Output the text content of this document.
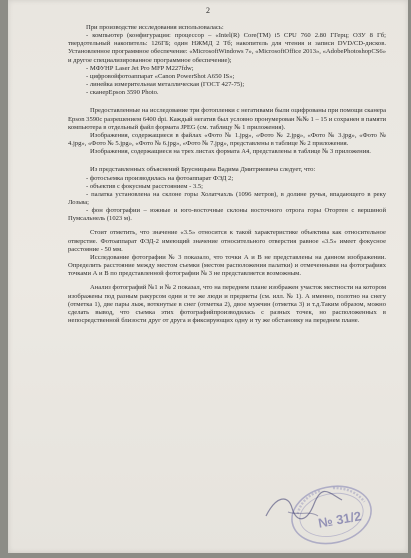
2

При производстве исследования использовалась:

- компьютер (конфигурация: процессор – «Intel(R) Core(TM) i5 CPU 760 2.80 ГГерц; ОЗУ 8 Гб; твердотельный накопитель: 126ГБ; один НЖМД 2 Тб; накопитель для чтения и записи DVD/CD-дисков. Установленное программное обеспечение: «MicrosoftWindows 7», «MicrosoftOffice 2013», «AdobePhotoshopCS6» и другое специализированное программное обеспечение);

- МФУНР Laser Jet Pro MFP M227fdw;

- цифровойфотоаппарат «Canon PowerShot A650 IS»;

- линейка измерительная металлическая (ГОСТ 427-75);

- сканерEpson 3590 Photo.

Предоставленные на исследование три фотопленки с негативами были оцифрованы при помощи сканера Epson 3590с разрешением 6400 dpi. Каждый негатив был условно пронумерован №№ 1 – 15 и сохранен в памяти компьютера в отдельный файл формата JPEG (см. таблицу № 1 приложения).

Изображения, содержащиеся в файлах «Фото № 1.jpg», «Фото № 2.jpg», «Фото № 3.jpg», «Фото № 4.jpg», «Фото № 5.jpg», «Фото № 6.jpg», «Фото № 7.jpg», представлены в таблице № 2 приложения.

Изображения, содержащиеся на трех листах формата А4, представлены в таблице № 3 приложения.

Из представленных объяснений Брусницына Вадима Дмитриевича следует, что:

- фотосъемка производилась на фотоаппарат ФЭД 2;

- объектив с фокусным расстоянием - 3.5;

- палатка установлена на склоне горы Холатчахль (1096 метров), в долине ручья, впадающего в реку Лозьва;

- фон фотографии – южные и юго-восточные склоны восточного отрога горы Отортен с вершиной Пумсальнель (1023 м).

Стоит отметить, что значение «3.5» относится к такой характеристике объектива как относительное отверстие. Фотоаппарат ФЭД-2 имеющий значение относительного отверстия равное «3.5» имеет фокусное расстояние - 50 мм.

Исследование фотографии № 3 показало, что точки А и В не представлены на данном изображении. Определить расстояние между местом съемки (местом расположения палатки) и отмеченными на фотографиях точками А и В по представленной фотографии № 3 не представляется возможным.

Анализ фотографий №1 и № 2 показал, что на переднем плане изображен участок местности на котором изображены под разным ракурсом одни и те же люди и предметы (см. илл. № 1). А именно, полотно на снегу (отметка 1), две пары лыж, воткнутые в снег (отметка 2), двое мужчин (отметка 3) и т.д.Таким образом, можно сделать вывод, что съемка этих фотографийпроизводилась с разных точек, но расположенных в непосредственной близости друг от друга и фиксирующих одну и ту же обстановку на переднем плане.

№ 31/2
